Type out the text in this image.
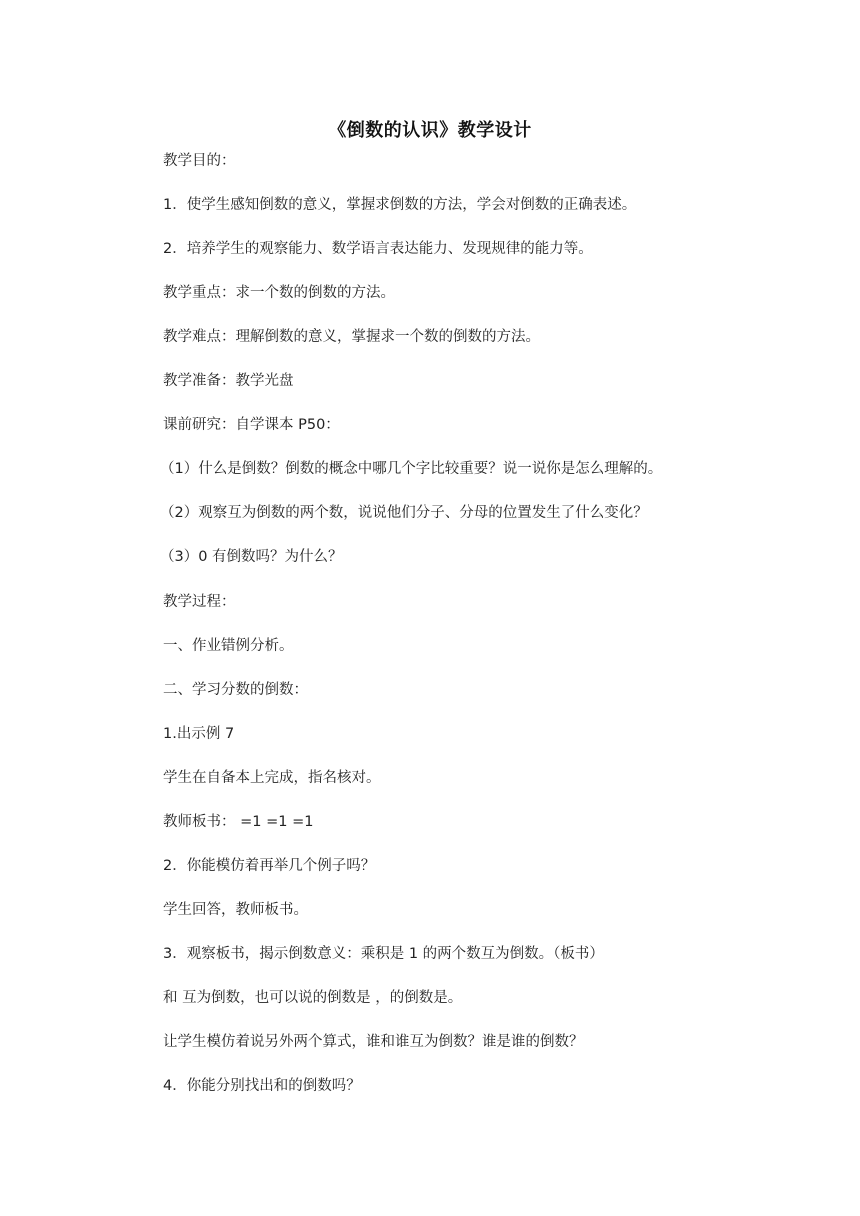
《倒数的认识》教学设计
教学目的：
1．使学生感知倒数的意义，掌握求倒数的方法，学会对倒数的正确表述。
2．培养学生的观察能力、数学语言表达能力、发现规律的能力等。
教学重点：求一个数的倒数的方法。
教学难点：理解倒数的意义，掌握求一个数的倒数的方法。
教学准备：教学光盘
课前研究：自学课本 P50：
（1）什么是倒数？倒数的概念中哪几个字比较重要？说一说你是怎么理解的。
（2）观察互为倒数的两个数，说说他们分子、分母的位置发生了什么变化？
（3）0 有倒数吗？为什么？
教学过程：
一、作业错例分析。
二、学习分数的倒数：
1.出示例 7
学生在自备本上完成，指名核对。
教师板书： =1 =1 =1
2．你能模仿着再举几个例子吗？
学生回答，教师板书。
3．观察板书，揭示倒数意义：乘积是 1 的两个数互为倒数。（板书）
和 互为倒数，也可以说的倒数是 ，的倒数是。
让学生模仿着说另外两个算式，谁和谁互为倒数？谁是谁的倒数？
4．你能分别找出和的倒数吗？
